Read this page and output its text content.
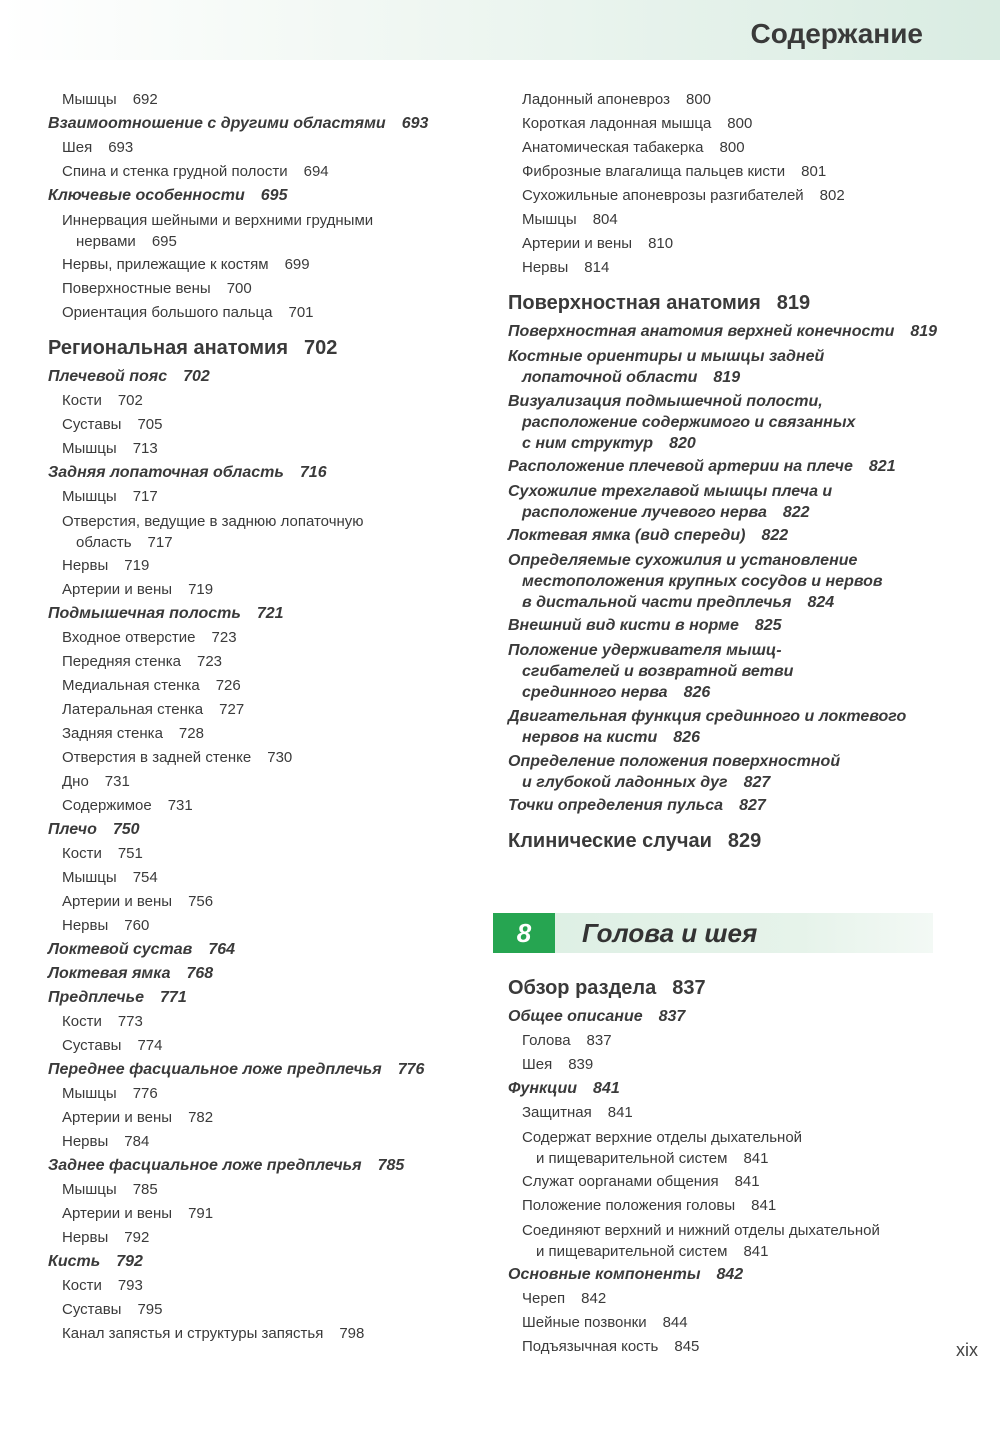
Содержание
Мышцы 692
Взаимоотношение с другими областями 693
Шея 693
Спина и стенка грудной полости 694
Ключевые особенности 695
Иннервация шейными и верхними грудными
нервами 695
Нервы, прилежащие к костям 699
Поверхностные вены 700
Ориентация большого пальца 701
Региональная анатомия 702
Плечевой пояс 702
Кости 702
Суставы 705
Мышцы 713
Задняя лопаточная область 716
Мышцы 717
Отверстия, ведущие в заднюю лопаточную
область 717
Нервы 719
Артерии и вены 719
Подмышечная полость 721
Входное отверстие 723
Передняя стенка 723
Медиальная стенка 726
Латеральная стенка 727
Задняя стенка 728
Отверстия в задней стенке 730
Дно 731
Содержимое 731
Плечо 750
Кости 751
Мышцы 754
Артерии и вены 756
Нервы 760
Локтевой сустав 764
Локтевая ямка 768
Предплечье 771
Кости 773
Суставы 774
Переднее фасциальное ложе предплечья 776
Мышцы 776
Артерии и вены 782
Нервы 784
Заднее фасциальное ложе предплечья 785
Мышцы 785
Артерии и вены 791
Нервы 792
Кисть 792
Кости 793
Суставы 795
Канал запястья и структуры запястья 798
Ладонный апоневроз 800
Короткая ладонная мышца 800
Анатомическая табакерка 800
Фиброзные влагалища пальцев кисти 801
Сухожильные апоневрозы разгибателей 802
Мышцы 804
Артерии и вены 810
Нервы 814
Поверхностная анатомия 819
Поверхностная анатомия верхней конечности 819
Костные ориентиры и мышцы задней
лопаточной области 819
Визуализация подмышечной полости,
расположение содержимого и связанных
с ним структур 820
Расположение плечевой артерии на плече 821
Сухожилие трехглавой мышцы плеча и
расположение лучевого нерва 822
Локтевая ямка (вид спереди) 822
Определяемые сухожилия и установление
местоположения крупных сосудов и нервов
в дистальной части предплечья 824
Внешний вид кисти в норме 825
Положение удерживателя мышц-
сгибателей и возвратной ветви
срединного нерва 826
Двигательная функция срединного и локтевого
нервов на кисти 826
Определение положения поверхностной
и глубокой ладонных дуг 827
Точки определения пульса 827
Клинические случаи 829
8	Голова и шея
Обзор раздела 837
Общее описание 837
Голова 837
Шея 839
Функции 841
Защитная 841
Содержат верхние отделы дыхательной
и пищеварительной систем 841
Служат оорганами общения 841
Положение положения головы 841
Соединяют верхний и нижний отделы дыхательной
и пищеварительной систем 841
Основные компоненты 842
Череп 842
Шейные позвонки 844
Подъязычная кость 845	xix
